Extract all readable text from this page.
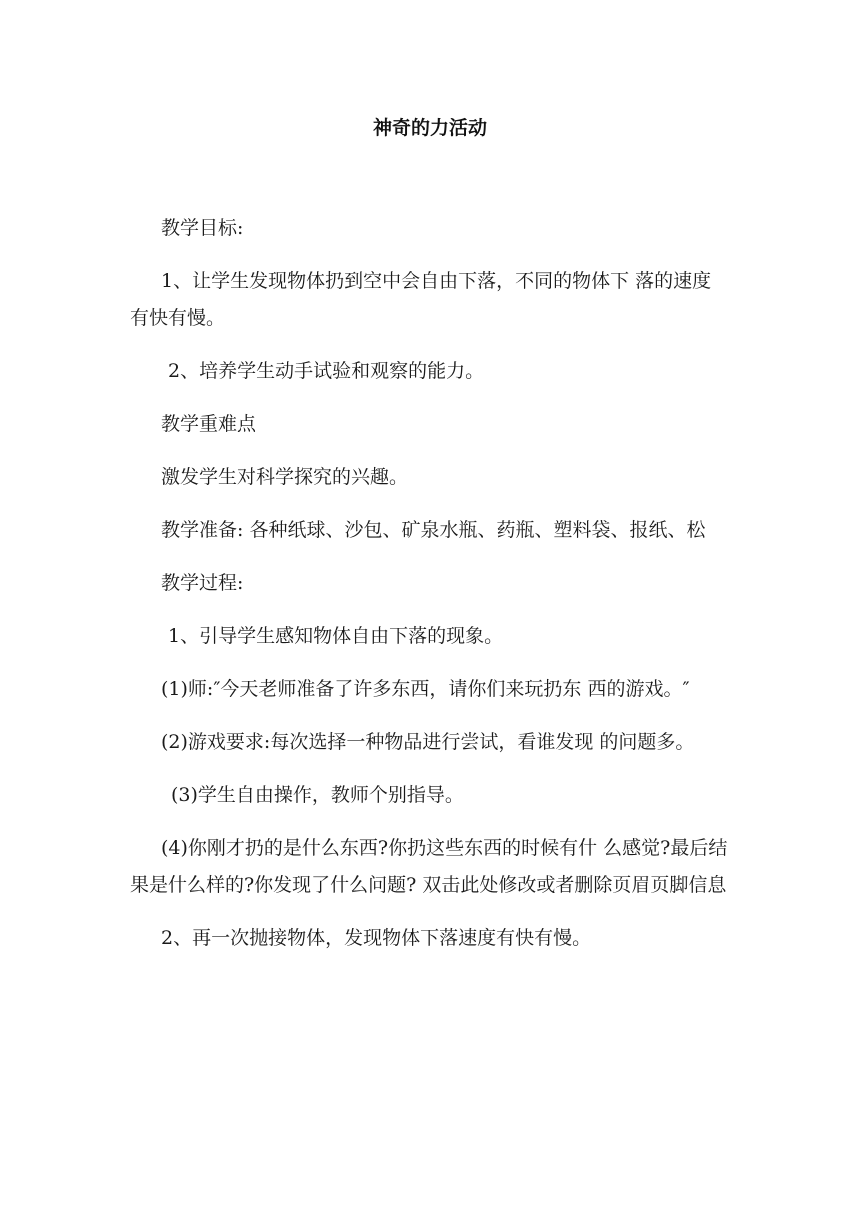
神奇的力活动

教学目标:

1、让学生发现物体扔到空中会自由下落，不同的物体下 落的速度有快有慢。

2、培养学生动手试验和观察的能力。

教学重难点

激发学生对科学探究的兴趣。

教学准备: 各种纸球、沙包、矿泉水瓶、药瓶、塑料袋、报纸、松

教学过程:

1、引导学生感知物体自由下落的现象。

(1)师:″今天老师准备了许多东西，请你们来玩扔东 西的游戏。″

(2)游戏要求:每次选择一种物品进行尝试，看谁发现 的问题多。

(3)学生自由操作，教师个别指导。

(4)你刚才扔的是什么东西?你扔这些东西的时候有什 么感觉?最后结果是什么样的?你发现了什么问题? 双击此处修改或者删除页眉页脚信息

2、再一次抛接物体，发现物体下落速度有快有慢。
